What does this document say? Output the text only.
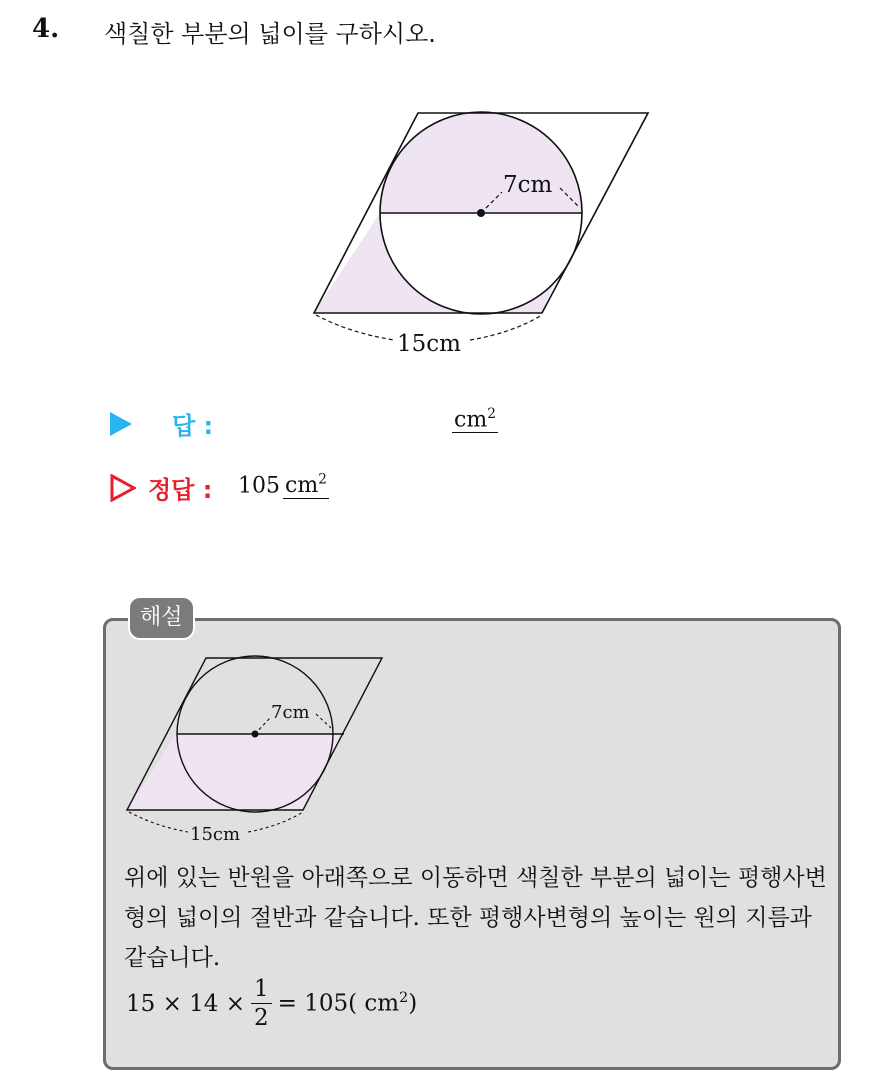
4. 색칠한 부분의 넓이를 구하시오.
7cm
15cm
답 :	$cm^2$
정답 : 105 $cm^2$
해설
7cm
15cm
위에 있는 반원을 아래쪽으로 이동하면 색칠한 부분의 넓이는 평행사변형의 넓이의 절반과 같습니다. 또한 평행사변형의 높이는 원의 지름과 같습니다.
$15 \times 14 \times \frac{1}{2} = 105$( $cm^2$)
